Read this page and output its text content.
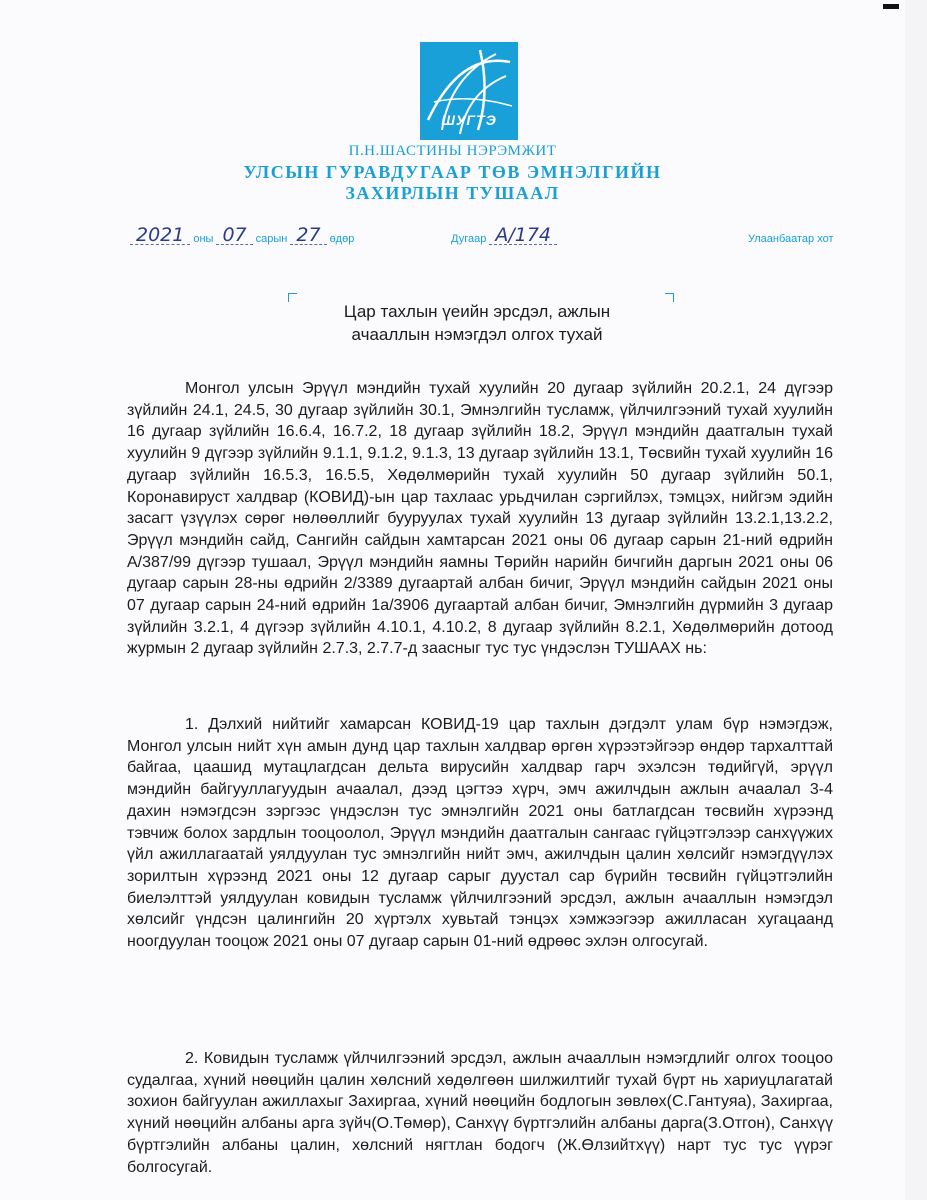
ШУГТЭ
П.Н.ШАСТИНЫ НЭРЭМЖИТ
УЛСЫН ГУРАВДУГААР ТӨВ ЭМНЭЛГИЙН
ЗАХИРЛЫН ТУШААЛ
2021 оны 07 сарын 27 өдөр	Дугаар A/174	Улаанбаатар хот
Цар тахлын үеийн эрсдэл, ажлын
ачааллын нэмэгдэл олгох тухай

Монгол улсын Эрүүл мэндийн тухай хуулийн 20 дугаар зүйлийн 20.2.1, 24 дүгээр зүйлийн 24.1, 24.5, 30 дугаар зүйлийн 30.1, Эмнэлгийн тусламж, үйлчилгээний тухай хуулийн 16 дугаар зүйлийн 16.6.4, 16.7.2, 18 дугаар зүйлийн 18.2, Эрүүл мэндийн даатгалын тухай хуулийн 9 дүгээр зүйлийн 9.1.1, 9.1.2, 9.1.3, 13 дугаар зүйлийн 13.1, Төсвийн тухай хуулийн 16 дугаар зүйлийн 16.5.3, 16.5.5, Хөдөлмөрийн тухай хуулийн 50 дугаар зүйлийн 50.1, Коронавируст халдвар (КОВИД)-ын цар тахлаас урьдчилан сэргийлэх, тэмцэх, нийгэм эдийн засагт үзүүлэх сөрөг нөлөөллийг бууруулах тухай хуулийн 13 дугаар зүйлийн 13.2.1,13.2.2, Эрүүл мэндийн сайд, Сангийн сайдын хамтарсан 2021 оны 06 дугаар сарын 21-ний өдрийн А/387/99 дүгээр тушаал, Эрүүл мэндийн яамны Төрийн нарийн бичгийн даргын 2021 оны 06 дугаар сарын 28-ны өдрийн 2/3389 дугаартай албан бичиг, Эрүүл мэндийн сайдын 2021 оны 07 дугаар сарын 24-ний өдрийн 1а/3906 дугаартай албан бичиг, Эмнэлгийн дүрмийн 3 дугаар зүйлийн 3.2.1, 4 дүгээр зүйлийн 4.10.1, 4.10.2, 8 дугаар зүйлийн 8.2.1, Хөдөлмөрийн дотоод журмын 2 дугаар зүйлийн 2.7.3, 2.7.7-д заасныг тус тус үндэслэн ТУШААХ нь:

1. Дэлхий нийтийг хамарсан КОВИД-19 цар тахлын дэгдэлт улам бүр нэмэгдэж, Монгол улсын нийт хүн амын дунд цар тахлын халдвар өргөн хүрээтэйгээр өндөр тархалттай байгаа, цаашид мутацлагдсан дельта вирусийн халдвар гарч эхэлсэн төдийгүй, эрүүл мэндийн байгууллагуудын ачаалал, дээд цэгтээ хүрч, эмч ажилчдын ажлын ачаалал 3-4 дахин нэмэгдсэн зэргээс үндэслэн тус эмнэлгийн 2021 оны батлагдсан төсвийн хүрээнд тэвчиж болох зардлын тооцоолол, Эрүүл мэндийн даатгалын сангаас гүйцэтгэлээр санхүүжих үйл ажиллагаатай уялдуулан тус эмнэлгийн нийт эмч, ажилчдын цалин хөлсийг нэмэгдүүлэх зорилтын хүрээнд 2021 оны 12 дугаар сарыг дуустал сар бүрийн төсвийн гүйцэтгэлийн биелэлттэй уялдуулан ковидын тусламж үйлчилгээний эрсдэл, ажлын ачааллын нэмэгдэл хөлсийг үндсэн цалингийн 20 хүртэлх хувьтай тэнцэх хэмжээгээр ажилласан хугацаанд ноогдуулан тооцож 2021 оны 07 дугаар сарын 01-ний өдрөөс эхлэн олгосугай.

2. Ковидын тусламж үйлчилгээний эрсдэл, ажлын ачааллын нэмэгдлийг олгох тооцоо судалгаа, хүний нөөцийн цалин хөлсний хөдөлгөөн шилжилтийг тухай бүрт нь хариуцлагатай зохион байгуулан ажиллахыг Захиргаа, хүний нөөцийн бодлогын зөвлөх(С.Гантуяа), Захиргаа, хүний нөөцийн албаны арга зүйч(О.Төмөр), Санхүү бүртгэлийн албаны дарга(З.Отгон), Санхүү бүртгэлийн албаны цалин, хөлсний нягтлан бодогч (Ж.Өлзийтхүү) нарт тус тус үүрэг болгосугай.
